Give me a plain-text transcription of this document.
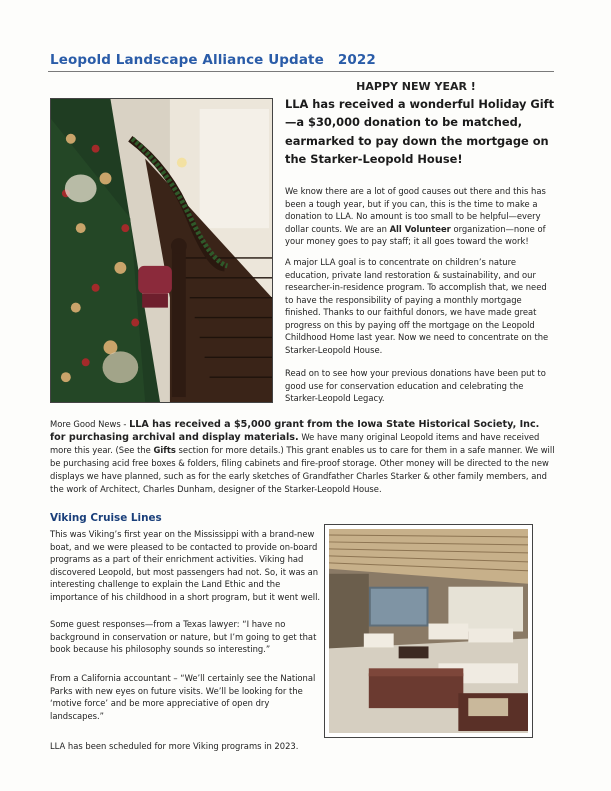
Leopold Landscape Alliance Update 2022
HAPPY NEW YEAR !
LLA has received a wonderful Holiday Gift—a $30,000 donation to be matched, earmarked to pay down the mortgage on the Starker-Leopold House!
We know there are a lot of good causes out there and this has been a tough year, but if you can, this is the time to make a donation to LLA. No amount is too small to be helpful—every dollar counts. We are an All Volunteer organization—none of your money goes to pay staff; it all goes toward the work!
A major LLA goal is to concentrate on children’s nature education, private land restoration & sustainability, and our researcher-in-residence program. To accomplish that, we need to have the responsibility of paying a monthly mortgage finished. Thanks to our faithful donors, we have made great progress on this by paying off the mortgage on the Leopold Childhood Home last year. Now we need to concentrate on the Starker-Leopold House.
Read on to see how your previous donations have been put to good use for conservation education and celebrating the Starker-Leopold Legacy.
More Good News - LLA has received a $5,000 grant from the Iowa State Historical Society, Inc. for purchasing archival and display materials. We have many original Leopold items and have received more this year. (See the Gifts section for more details.) This grant enables us to care for them in a safe manner. We will be purchasing acid free boxes & folders, filing cabinets and fire-proof storage. Other money will be directed to the new displays we have planned, such as for the early sketches of Grandfather Charles Starker & other family members, and the work of Architect, Charles Dunham, designer of the Starker-Leopold House.
Viking Cruise Lines
This was Viking’s first year on the Mississippi with a brand-new boat, and we were pleased to be contacted to provide on-board programs as a part of their enrichment activities. Viking had discovered Leopold, but most passengers had not. So, it was an interesting challenge to explain the Land Ethic and the importance of his childhood in a short program, but it went well.
Some guest responses—from a Texas lawyer: “I have no background in conservation or nature, but I’m going to get that book because his philosophy sounds so interesting.”
From a California accountant – “We’ll certainly see the National Parks with new eyes on future visits. We’ll be looking for the ‘motive force’ and be more appreciative of open dry landscapes.”
LLA has been scheduled for more Viking programs in 2023.
